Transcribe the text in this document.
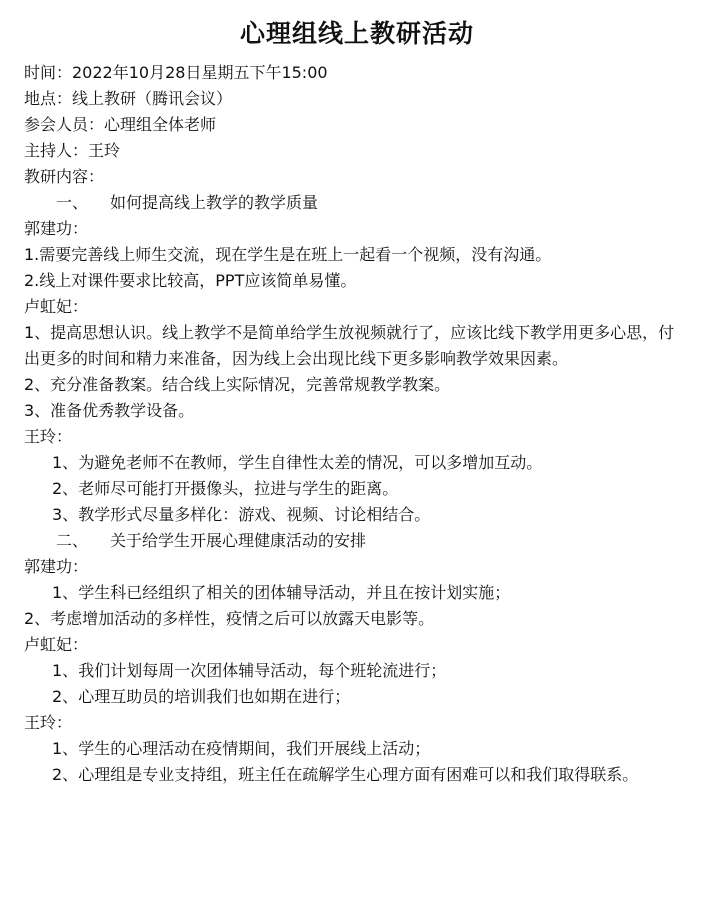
心理组线上教研活动
时间：2022年10月28日星期五下午15:00
地点：线上教研（腾讯会议）
参会人员：心理组全体老师
主持人：王玲
教研内容：
一、	如何提高线上教学的教学质量
郭建功：
1.需要完善线上师生交流，现在学生是在班上一起看一个视频，没有沟通。
2.线上对课件要求比较高，PPT应该简单易懂。
卢虹妃：
1、提高思想认识。线上教学不是简单给学生放视频就行了，应该比线下教学用更多心思，付出更多的时间和精力来准备，因为线上会出现比线下更多影响教学效果因素。
2、充分准备教案。结合线上实际情况，完善常规教学教案。
3、准备优秀教学设备。
王玲：
1、 为避免老师不在教师，学生自律性太差的情况，可以多增加互动。
2、 老师尽可能打开摄像头，拉进与学生的距离。
3、 教学形式尽量多样化：游戏、视频、讨论相结合。
二、	关于给学生开展心理健康活动的安排
郭建功：
1、 学生科已经组织了相关的团体辅导活动，并且在按计划实施；
2、考虑增加活动的多样性，疫情之后可以放露天电影等。
卢虹妃：
1、 我们计划每周一次团体辅导活动，每个班轮流进行；
2、 心理互助员的培训我们也如期在进行；
王玲：
1、 学生的心理活动在疫情期间，我们开展线上活动；
2、 心理组是专业支持组，班主任在疏解学生心理方面有困难可以和我们取得联系。
